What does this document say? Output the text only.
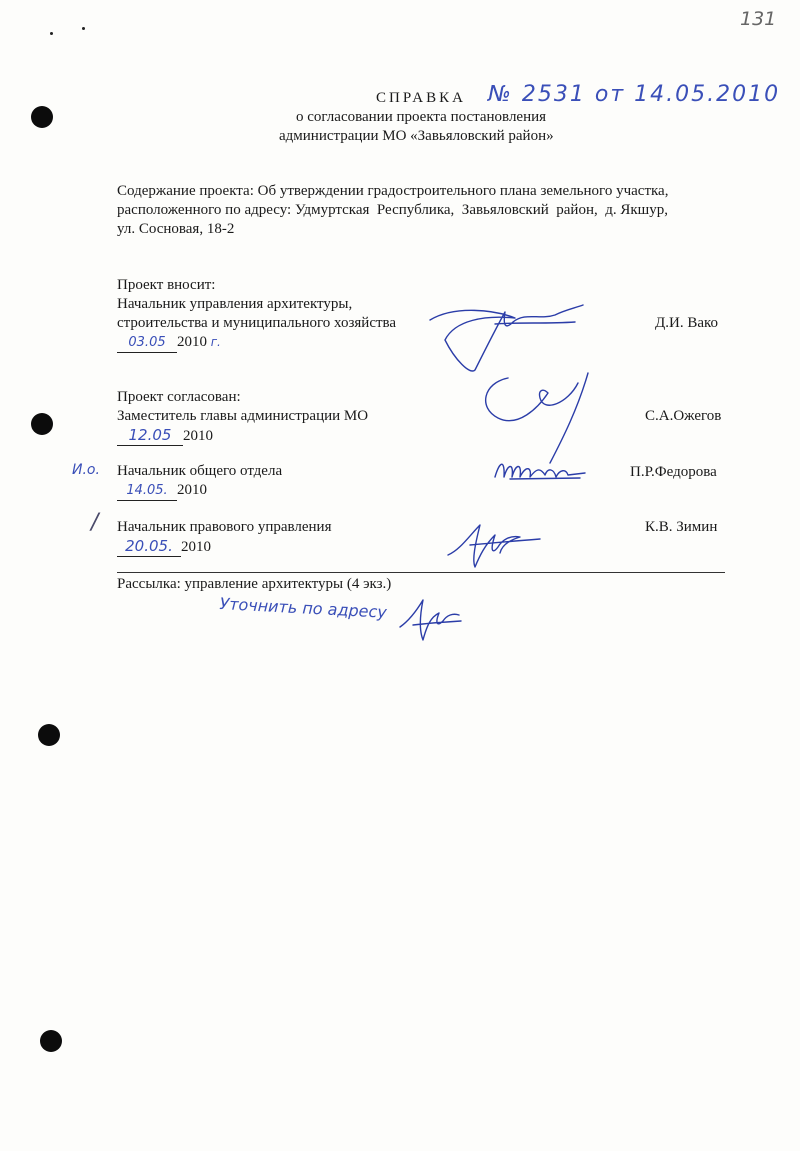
131
СПРАВКА № 2531 от 14.05.2010
о согласовании проекта постановления
администрации МО «Завьяловский район»
Содержание проекта: Об утверждении градостроительного плана земельного участка,
расположенного по адресу: Удмуртская  Республика,  Завьяловский  район,  д. Якшур,
ул. Сосновая, 18-2
Проект вносит:
Начальник управления архитектуры,
строительства и муниципального хозяйства
03.05 2010 г.
Д.И. Вако
Проект согласован:
Заместитель главы администрации МО
12.05 2010
С.А.Ожегов
И.о. Начальник общего отдела
14.05. 2010
П.Р.Федорова
/ Начальник правового управления
20.05. 2010
К.В. Зимин
Рассылка: управление архитектуры (4 экз.)
Уточнить по адресу
